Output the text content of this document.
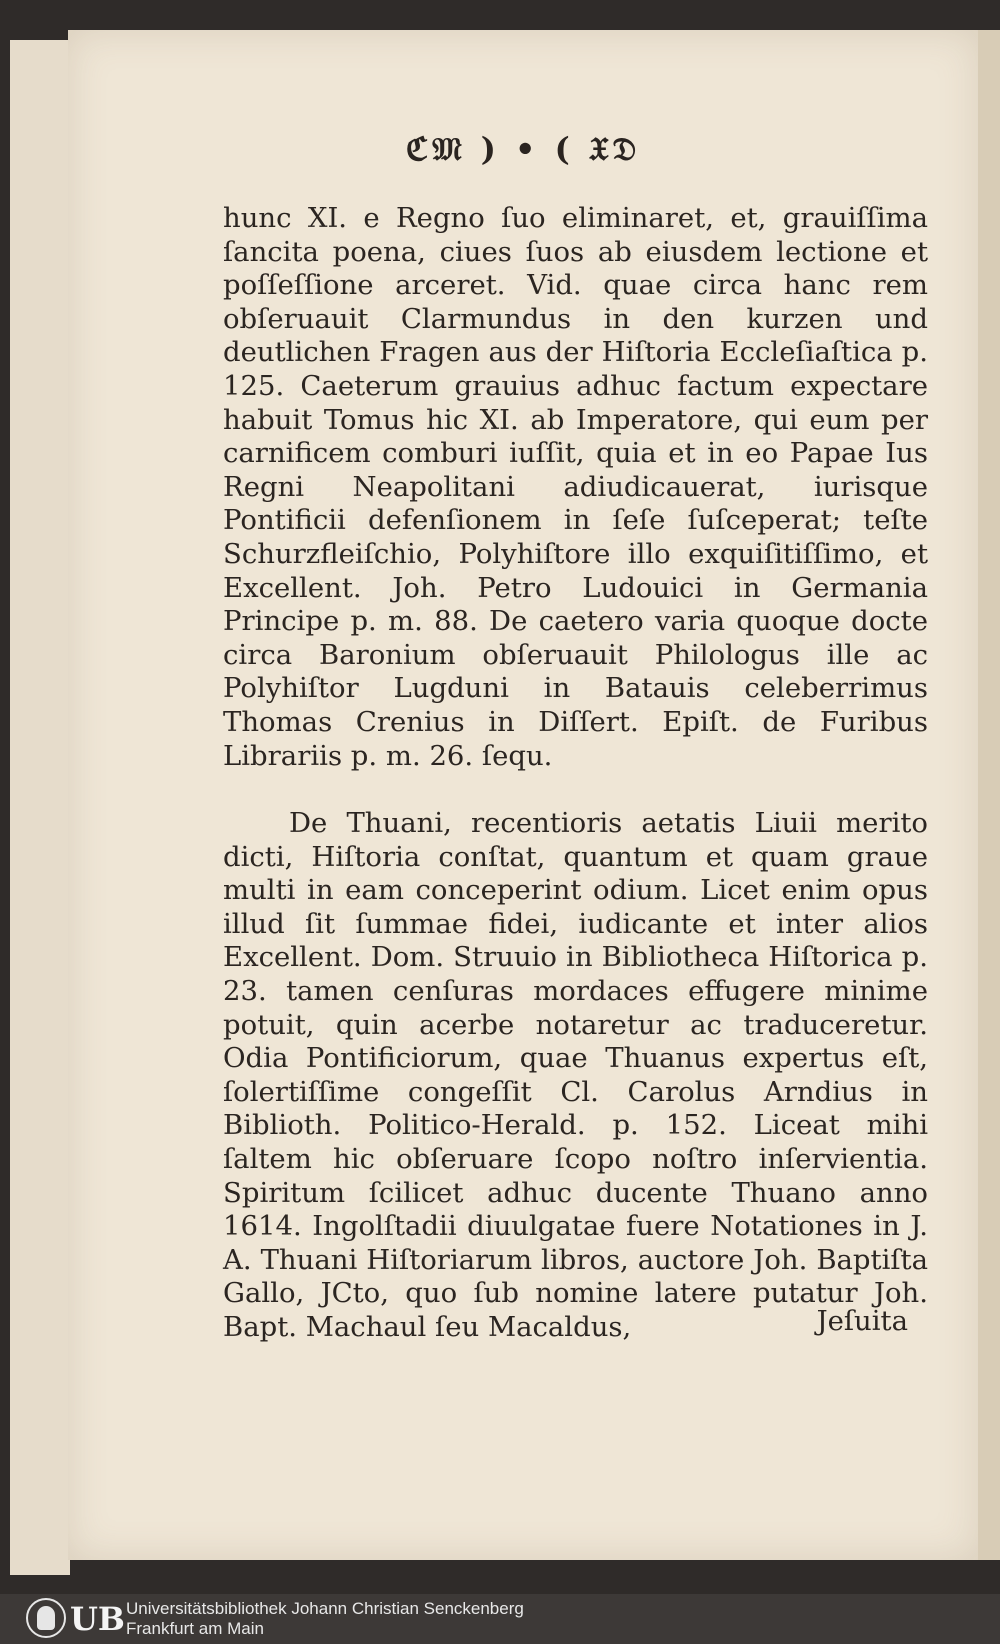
ℭ𝔐 ) • ( 𝔛𝔇

hunc XI. e Regno ſuo eliminaret, et, grauiſſima ſancita poena, ciues ſuos ab eiusdem lectione et poſſeſſione arceret. Vid. quae circa hanc rem obſeruauit Clarmundus in den kurzen und deutlichen Fragen aus der Hiſtoria Eccleſiaſtica p. 125. Caeterum grauius adhuc factum expectare habuit Tomus hic XI. ab Imperatore, qui eum per carnificem comburi iuſſit, quia et in eo Papae Ius Regni Neapolitani adiudicauerat, iurisque Pontificii defenſionem in ſeſe ſuſceperat; teſte Schurzfleiſchio, Polyhiſtore illo exquiſitiſſimo, et Excellent. Joh. Petro Ludouici in Germania Principe p. m. 88. De caetero varia quoque docte circa Baronium obſeruauit Philologus ille ac Polyhiſtor Lugduni in Batauis celeberrimus Thomas Crenius in Diſſert. Epiſt. de Furibus Librariis p. m. 26. ſequ.

De Thuani, recentioris aetatis Liuii merito dicti, Hiſtoria conſtat, quantum et quam graue multi in eam conceperint odium. Licet enim opus illud ſit ſummae fidei, iudicante et inter alios Excellent. Dom. Struuio in Bibliotheca Hiſtorica p. 23. tamen cenſuras mordaces effugere minime potuit, quin acerbe notaretur ac traduceretur. Odia Pontificiorum, quae Thuanus expertus eſt, ſolertiſſime congeſſit Cl. Carolus Arndius in Biblioth. Politico-Herald. p. 152. Liceat mihi ſaltem hic obſeruare ſcopo noſtro inſervientia. Spiritum ſcilicet adhuc ducente Thuano anno 1614. Ingolſtadii diuulgatae fuere Notationes in J. A. Thuani Hiſtoriarum libros, auctore Joh. Baptiſta Gallo, JCto, quo ſub nomine latere putatur Joh. Bapt. Machaul ſeu Macaldus,	Jeſuita
UB Universitätsbibliothek Johann Christian Senckenberg
Frankfurt am Main
